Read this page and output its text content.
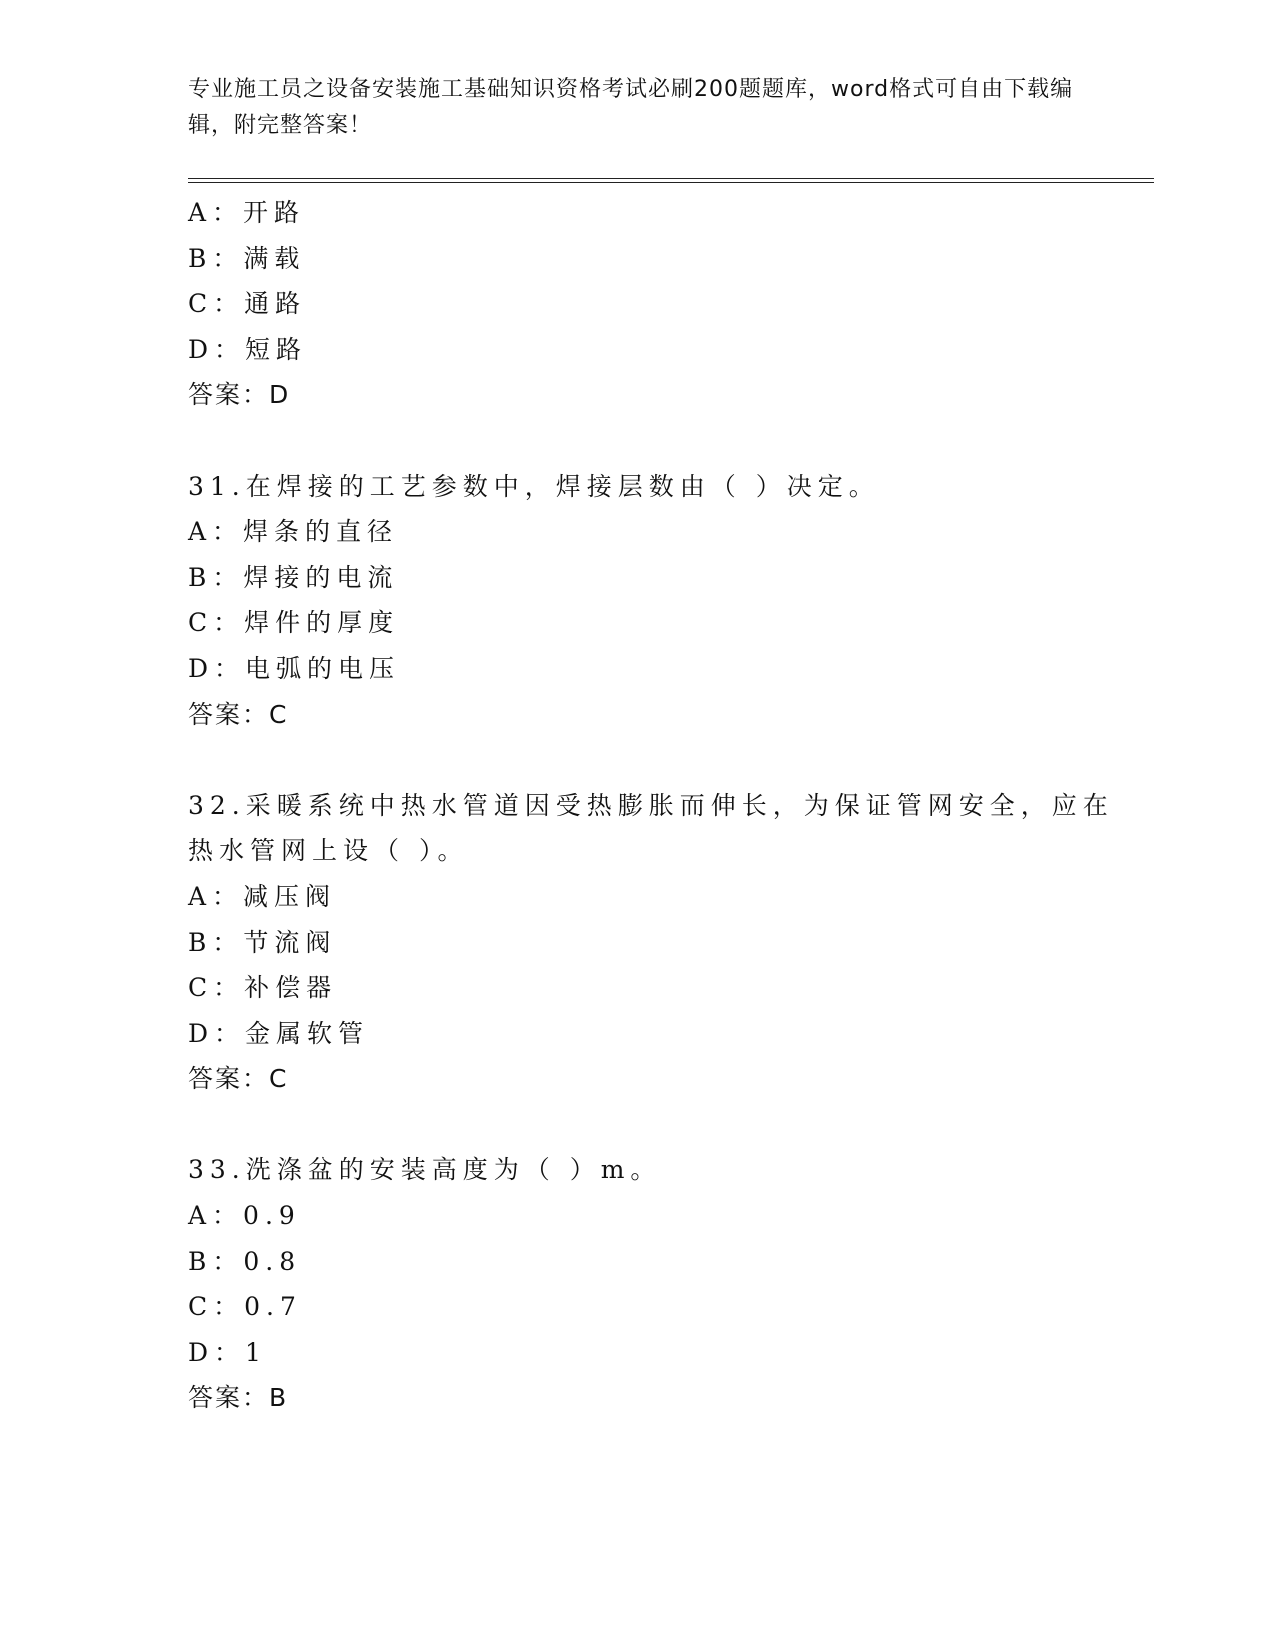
专业施工员之设备安装施工基础知识资格考试必刷200题题库，word格式可自由下载编辑，附完整答案！
A：开路
B：满载
C：通路
D：短路
答案：D
31.在焊接的工艺参数中，焊接层数由（ ）决定。
A：焊条的直径
B：焊接的电流
C：焊件的厚度
D：电弧的电压
答案：C
32.采暖系统中热水管道因受热膨胀而伸长，为保证管网安全，应在热水管网上设（ ）。
A：减压阀
B：节流阀
C：补偿器
D：金属软管
答案：C
33.洗涤盆的安装高度为（ ）m。
A：0.9
B：0.8
C：0.7
D：1
答案：B
